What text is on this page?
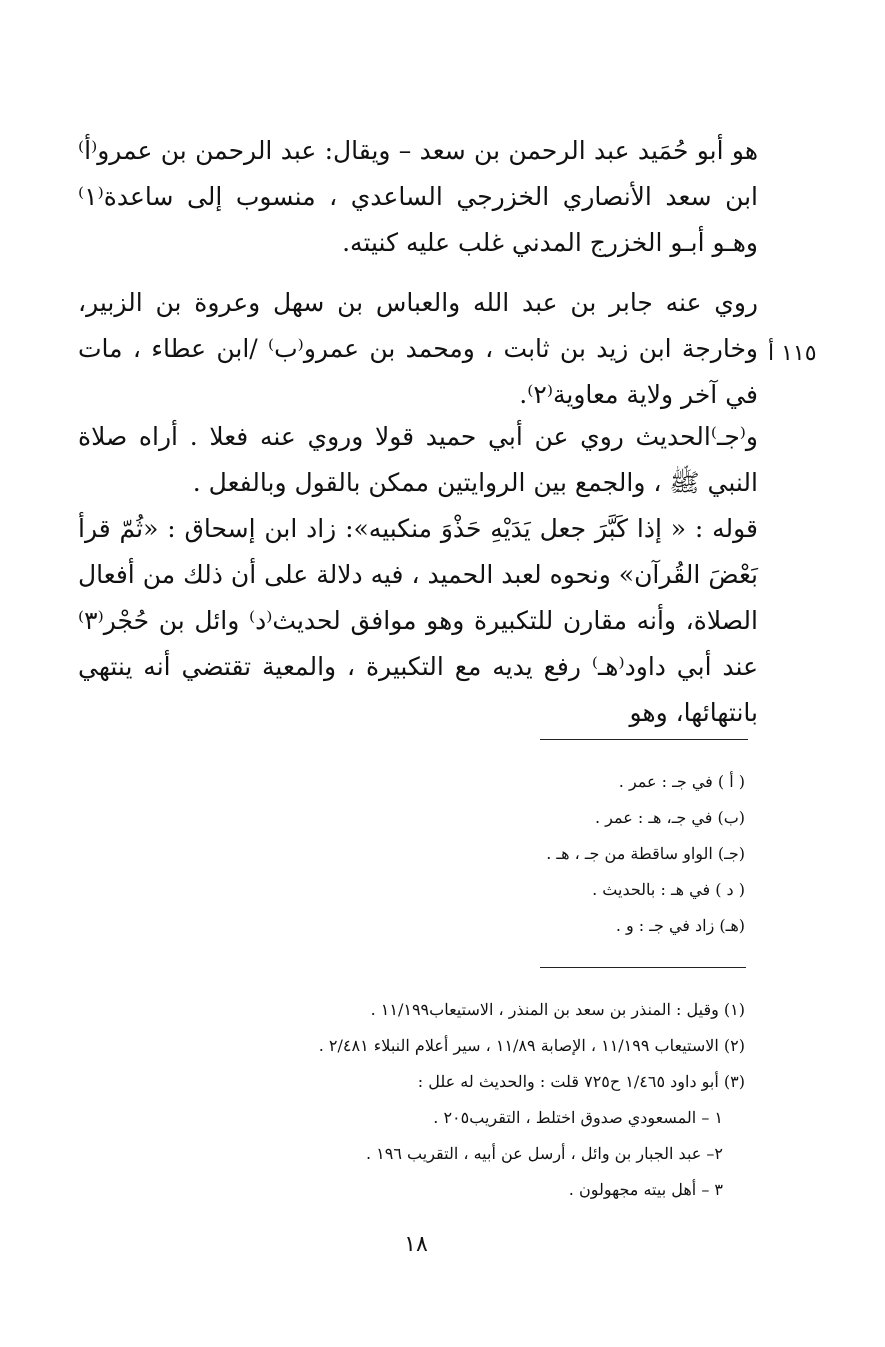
هو أبو حُمَيد عبد الرحمن بن سعد – ويقال: عبد الرحمن بن عمرو⁽أ⁾ ابن سعد الأنصاري الخزرجي الساعدي ، منسوب إلى ساعدة⁽١⁾ وهـو أبـو الخزرج المدني غلب عليه كنيته.

روي عنه جابر بن عبد الله والعباس بن سهل وعروة بن الزبير، وخارجة ابن زيد بن ثابت ، ومحمد بن عمرو⁽ب⁾ /ابن عطاء ، مات في آخر ولاية معاوية⁽٢⁾.

١١٥ أ

و⁽جـ⁾الحديث روي عن أبي حميد قولا وروي عنه فعلا . أراه صلاة النبي ﷺ ، والجمع بين الروايتين ممكن بالقول وبالفعل .

قوله : « إذا كَبَّرَ جعل يَدَيْهِ حَذْوَ منكبيه»: زاد ابن إسحاق : «ثُمّ قرأ بَعْضَ القُرآن» ونحوه لعبد الحميد ، فيه دلالة على أن ذلك من أفعال الصلاة، وأنه مقارن للتكبيرة وهو موافق لحديث⁽د⁾ وائل بن حُجْر⁽٣⁾ عند أبي داود⁽هـ⁾ رفع يديه مع التكبيرة ، والمعية تقتضي أنه ينتهي بانتهائها، وهو

( أ ) في جـ : عمر .
(ب) في جـ، هـ : عمر .
(جـ) الواو ساقطة من جـ ، هـ .
( د ) في هـ : بالحديث .
(هـ) زاد في جـ : و .
(١) وقيل : المنذر بن سعد بن المنذر ، الاستيعاب١١/١٩٩ .
(٢) الاستيعاب ١١/١٩٩ ، الإصابة ١١/٨٩ ، سير أعلام النبلاء ٢/٤٨١ .
(٣) أبو داود ١/٤٦٥ ح٧٢٥ قلت : والحديث له علل :
١ – المسعودي صدوق اختلط ، التقريب٢٠٥ .
٢– عبد الجبار بن وائل ، أرسل عن أبيه ، التقريب ١٩٦ .
٣ – أهل بيته مجهولون .
١٨
